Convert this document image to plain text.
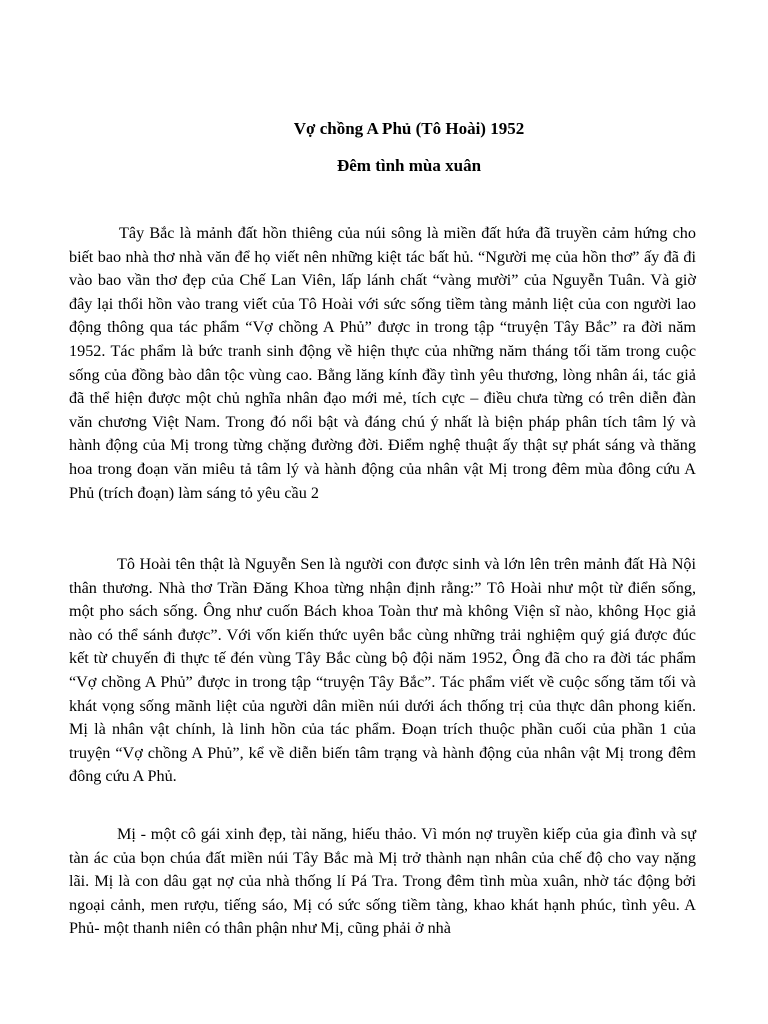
Vợ chồng A Phủ (Tô Hoài) 1952
Đêm tình mùa xuân

Tây Bắc là mảnh đất hồn thiêng của núi sông là miền đất hứa đã truyền cảm hứng cho biết bao nhà thơ nhà văn để họ viết nên những kiệt tác bất hủ. “Người mẹ của hồn thơ” ấy đã đi vào bao vần thơ đẹp của Chế Lan Viên, lấp lánh chất “vàng mười” của Nguyễn Tuân. Và giờ đây lại thổi hồn vào trang viết của Tô Hoài với sức sống tiềm tàng mảnh liệt của con người lao động thông qua tác phẩm “Vợ chồng A Phủ” được in trong tập “truyện Tây Bắc” ra đời năm 1952. Tác phẩm là bức tranh sinh động về hiện thực của những năm tháng tối tăm trong cuộc sống của đồng bào dân tộc vùng cao. Bằng lăng kính đầy tình yêu thương, lòng nhân ái, tác giả đã thể hiện được một chủ nghĩa nhân đạo mới mẻ, tích cực – điều chưa từng có trên diễn đàn văn chương Việt Nam. Trong đó nổi bật và đáng chú ý nhất là biện pháp phân tích tâm lý và hành động của Mị trong từng chặng đường đời. Điểm nghệ thuật ấy thật sự phát sáng và thăng hoa trong đoạn văn miêu tả tâm lý và hành động của nhân vật Mị trong đêm mùa đông cứu A Phủ (trích đoạn) làm sáng tỏ yêu cầu 2

Tô Hoài tên thật là Nguyễn Sen là người con được sinh và lớn lên trên mảnh đất Hà Nội thân thương. Nhà thơ Trần Đăng Khoa từng nhận định rằng:” Tô Hoài như một từ điển sống, một pho sách sống. Ông như cuốn Bách khoa Toàn thư mà không Viện sĩ nào, không Học giả nào có thể sánh được”. Với vốn kiến thức uyên bắc cùng những trải nghiệm quý giá được đúc kết từ chuyến đi thực tế đén vùng Tây Bắc cùng bộ đội năm 1952, Ông đã cho ra đời tác phẩm “Vợ chồng A Phủ” được in trong tập “truyện Tây Bắc”. Tác phẩm viết về cuộc sống tăm tối và khát vọng sống mãnh liệt của người dân miền núi dưới ách thống trị của thực dân phong kiến. Mị là nhân vật chính, là linh hồn của tác phẩm. Đoạn trích thuộc phần cuối của phần 1 của truyện “Vợ chồng A Phủ”, kể về diễn biến tâm trạng và hành động của nhân vật Mị trong đêm đông cứu A Phủ.

Mị - một cô gái xinh đẹp, tài năng, hiếu thảo. Vì món nợ truyền kiếp của gia đình và sự tàn ác của bọn chúa đất miền núi Tây Bắc mà Mị trở thành nạn nhân của chế độ cho vay nặng lãi. Mị là con dâu gạt nợ của nhà thống lí Pá Tra. Trong đêm tình mùa xuân, nhờ tác động bởi ngoại cảnh, men rượu, tiếng sáo, Mị có sức sống tiềm tàng, khao khát hạnh phúc, tình yêu. A Phủ- một thanh niên có thân phận như Mị, cũng phải ở nhà
